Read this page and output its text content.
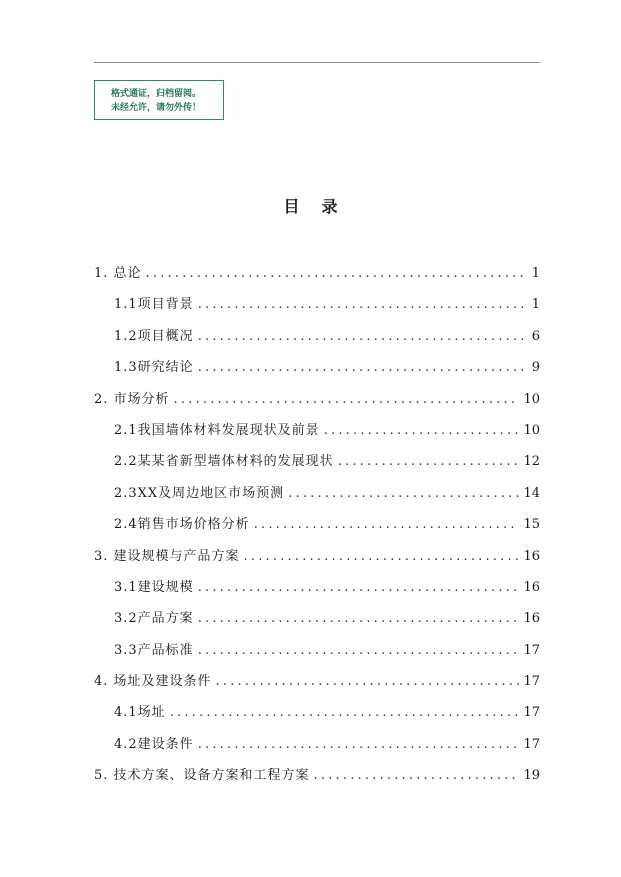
格式通证，归档留阅。
未经允许，请勿外传！
目录
1. 总论 .....	1
1.1项目背景 .....	1
1.2项目概况 .....	6
1.3研究结论 .....	9
2. 市场分析 .....	10
2.1我国墙体材料发展现状及前景 .....	10
2.2某某省新型墙体材料的发展现状 .....	12
2.3XX及周边地区市场预测 .....	14
2.4销售市场价格分析 .....	15
3. 建设规模与产品方案 .....	16
3.1建设规模 .....	16
3.2产品方案 .....	16
3.3产品标准 .....	17
4. 场址及建设条件 .....	17
4.1场址 .....	17
4.2建设条件 .....	17
5. 技术方案、设备方案和工程方案 .....	19
